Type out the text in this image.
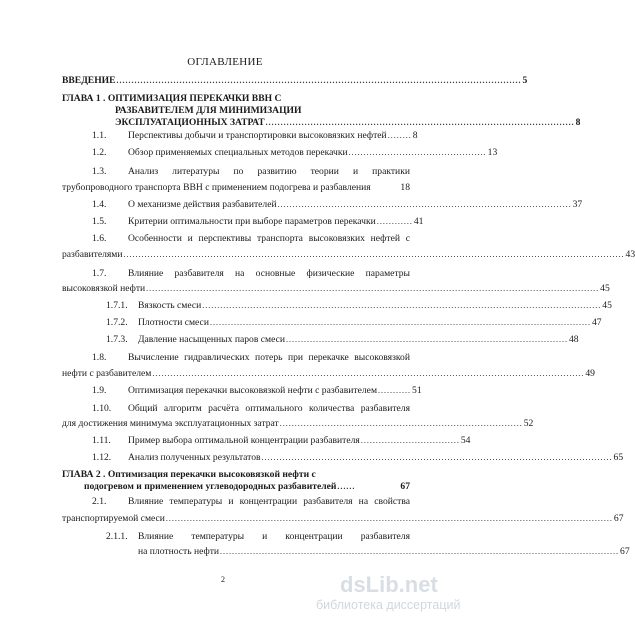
ОГЛАВЛЕНИЕ
ВВЕДЕНИЕ ....................................................................................................................................... 5
ГЛАВА 1 . ОПТИМИЗАЦИЯ ПЕРЕКАЧКИ ВВН С
РАЗБАВИТЕЛЕМ ДЛЯ МИНИМИЗАЦИИ
ЭКСПЛУАТАЦИОННЫХ ЗАТРАТ ....................................................................................................... 8
1.1. Перспективы добычи и транспортировки высоковязких нефтей ........ 8
1.2. Обзор применяемых специальных методов перекачки .............................................. 13
1.3. Анализ литературы по развитию теории и практики
трубопроводного транспорта ВВН с применением подогрева и разбавления	18
1.4. О механизме действия разбавителей .................................................................................................. 37
1.5. Критерии оптимальности при выборе параметров перекачки ............ 41
1.6. Особенности и перспективы транспорта высоковязких нефтей с
разбавителями ....................................................................................................................................................................... 43
1.7. Влияние разбавителя на основные физические параметры
высоковязкой нефти ....................................................................................................................................................... 45
1.7.1. Вязкость смеси ..................................................................................................................................... 45
1.7.2. Плотности смеси ............................................................................................................................... 47
1.7.3. Давление насыщенных паров смеси .............................................................................................. 48
1.8. Вычисление гидравлических потерь при перекачке высоковязкой
нефти с разбавителем ................................................................................................................................................ 49
1.9. Оптимизация перекачки высоковязкой нефти с разбавителем ........... 51
1.10. Общий алгоритм расчёта оптимального количества разбавителя
для достижения минимума эксплуатационных затрат ................................................................................. 52
1.11. Пример выбора оптимальной концентрации разбавителя ................................. 54
1.12. Анализ полученных результатов ..................................................................................................................... 65
ГЛАВА 2 . Оптимизация перекачки высоковязкой нефти с
подогревом и применением углеводородных разбавителей ......	67
2.1. Влияние температуры и концентрации разбавителя на свойства
транспортируемой смеси ..................................................................................................................................................... 67
2.1.1. Влияние температуры и концентрации разбавителя
на плотность нефти ..................................................................................................................................... 67
2	dsLib.net
библиотека диссертаций
